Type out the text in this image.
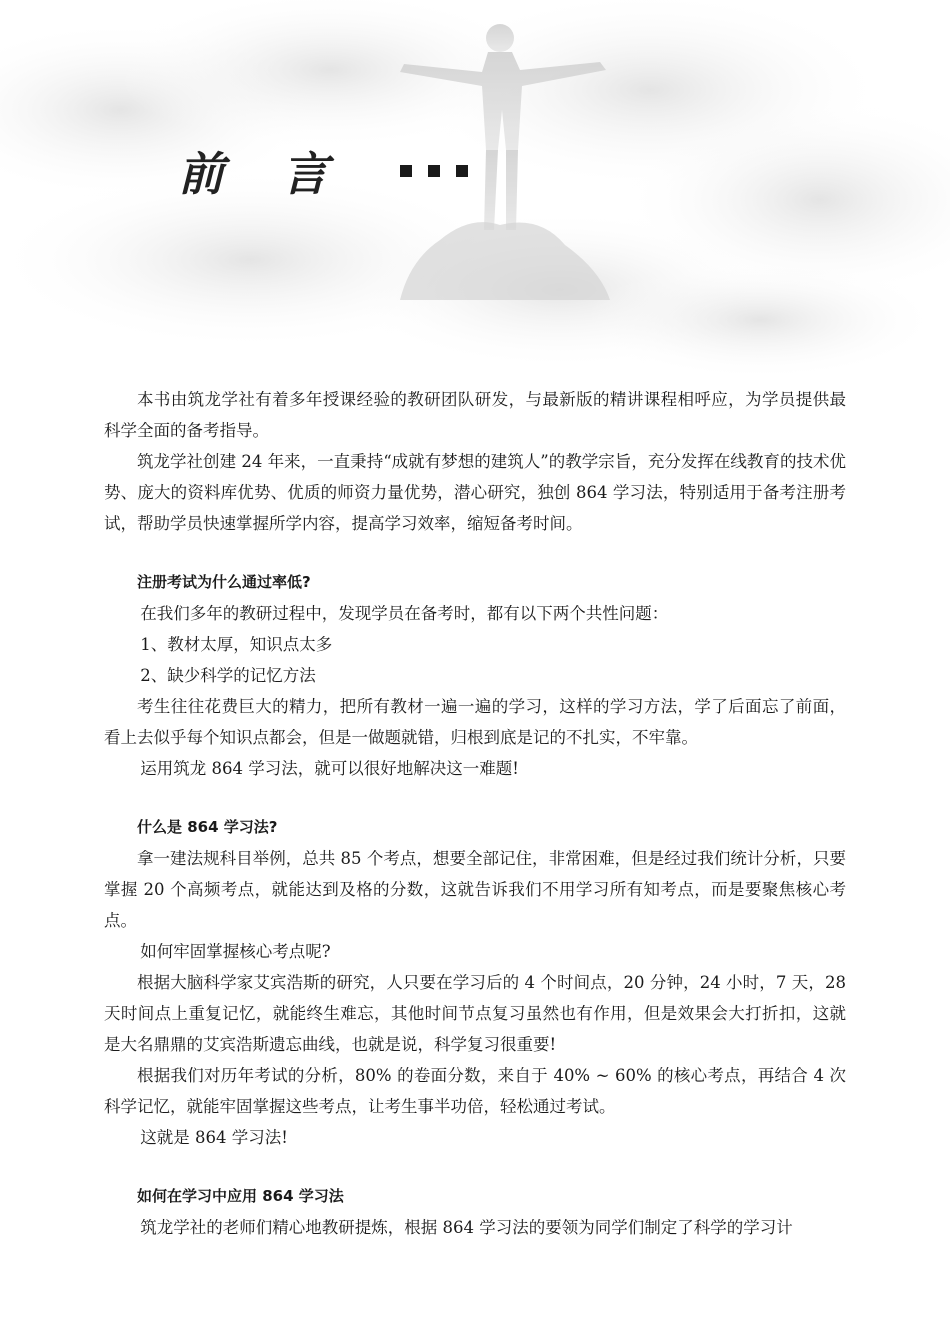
前 言

本书由筑龙学社有着多年授课经验的教研团队研发，与最新版的精讲课程相呼应，为学员提供最科学全面的备考指导。

筑龙学社创建 24 年来，一直秉持“成就有梦想的建筑人”的教学宗旨，充分发挥在线教育的技术优势、庞大的资料库优势、优质的师资力量优势，潜心研究，独创 864 学习法，特别适用于备考注册考试，帮助学员快速掌握所学内容，提高学习效率，缩短备考时间。

注册考试为什么通过率低?

在我们多年的教研过程中，发现学员在备考时，都有以下两个共性问题：

1、教材太厚，知识点太多

2、缺少科学的记忆方法

考生往往花费巨大的精力，把所有教材一遍一遍的学习，这样的学习方法，学了后面忘了前面，看上去似乎每个知识点都会，但是一做题就错，归根到底是记的不扎实，不牢靠。

运用筑龙 864 学习法，就可以很好地解决这一难题!

什么是 864 学习法?

拿一建法规科目举例，总共 85 个考点，想要全部记住，非常困难，但是经过我们统计分析，只要掌握 20 个高频考点，就能达到及格的分数，这就告诉我们不用学习所有知考点，而是要聚焦核心考点。

如何牢固掌握核心考点呢?

根据大脑科学家艾宾浩斯的研究，人只要在学习后的 4 个时间点，20 分钟，24 小时，7 天，28 天时间点上重复记忆，就能终生难忘，其他时间节点复习虽然也有作用，但是效果会大打折扣，这就是大名鼎鼎的艾宾浩斯遗忘曲线，也就是说，科学复习很重要!

根据我们对历年考试的分析，80% 的卷面分数，来自于 40% ~ 60% 的核心考点，再结合 4 次科学记忆，就能牢固掌握这些考点，让考生事半功倍，轻松通过考试。

这就是 864 学习法!

如何在学习中应用 864 学习法

筑龙学社的老师们精心地教研提炼，根据 864 学习法的要领为同学们制定了科学的学习计
